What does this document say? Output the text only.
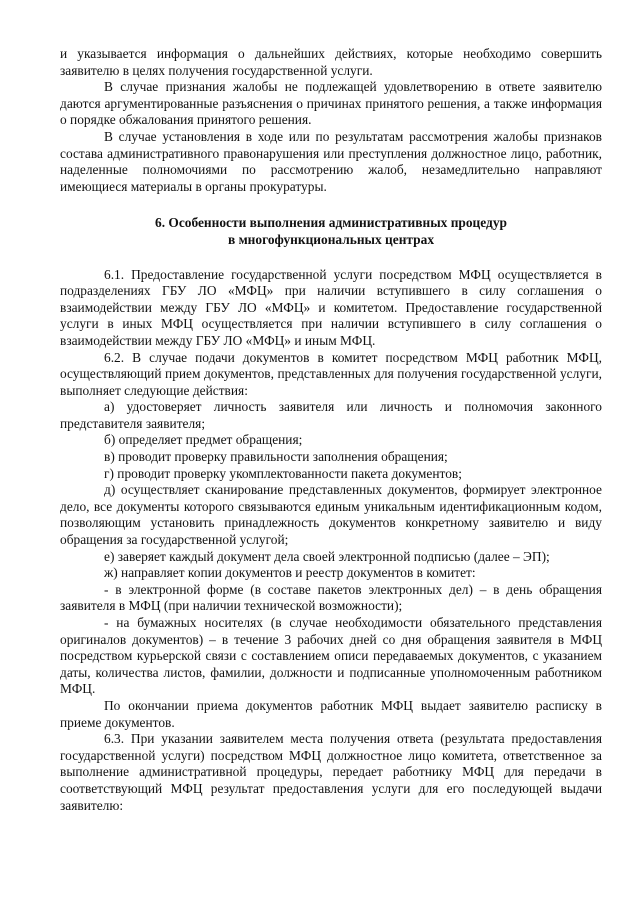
и указывается информация о дальнейших действиях, которые необходимо совершить заявителю в целях получения государственной услуги.

В случае признания жалобы не подлежащей удовлетворению в ответе заявителю даются аргументированные разъяснения о причинах принятого решения, а также информация о порядке обжалования принятого решения.

В случае установления в ходе или по результатам рассмотрения жалобы признаков состава административного правонарушения или преступления должностное лицо, работник, наделенные полномочиями по рассмотрению жалоб, незамедлительно направляют имеющиеся материалы в органы прокуратуры.

6. Особенности выполнения административных процедур
в многофункциональных центрах

6.1. Предоставление государственной услуги посредством МФЦ осуществляется в подразделениях ГБУ ЛО «МФЦ» при наличии вступившего в силу соглашения о взаимодействии между ГБУ ЛО «МФЦ» и комитетом. Предоставление государственной услуги в иных МФЦ осуществляется при наличии вступившего в силу соглашения о взаимодействии между ГБУ ЛО «МФЦ» и иным МФЦ.

6.2. В случае подачи документов в комитет посредством МФЦ работник МФЦ, осуществляющий прием документов, представленных для получения государственной услуги, выполняет следующие действия:

а) удостоверяет личность заявителя или личность и полномочия законного представителя заявителя;

б) определяет предмет обращения;

в) проводит проверку правильности заполнения обращения;

г) проводит проверку укомплектованности пакета документов;

д) осуществляет сканирование представленных документов, формирует электронное дело, все документы которого связываются единым уникальным идентификационным кодом, позволяющим установить принадлежность документов конкретному заявителю и виду обращения за государственной услугой;

е) заверяет каждый документ дела своей электронной подписью (далее – ЭП);

ж) направляет копии документов и реестр документов в комитет:

- в электронной форме (в составе пакетов электронных дел) – в день обращения заявителя в МФЦ (при наличии технической возможности);

- на бумажных носителях (в случае необходимости обязательного представления оригиналов документов) – в течение 3 рабочих дней со дня обращения заявителя в МФЦ посредством курьерской связи с составлением описи передаваемых документов, с указанием даты, количества листов, фамилии, должности и подписанные уполномоченным работником МФЦ.

По окончании приема документов работник МФЦ выдает заявителю расписку в приеме документов.

6.3. При указании заявителем места получения ответа (результата предоставления государственной услуги) посредством МФЦ должностное лицо комитета, ответственное за выполнение административной процедуры, передает работнику МФЦ для передачи в соответствующий МФЦ результат предоставления услуги для его последующей выдачи заявителю:
